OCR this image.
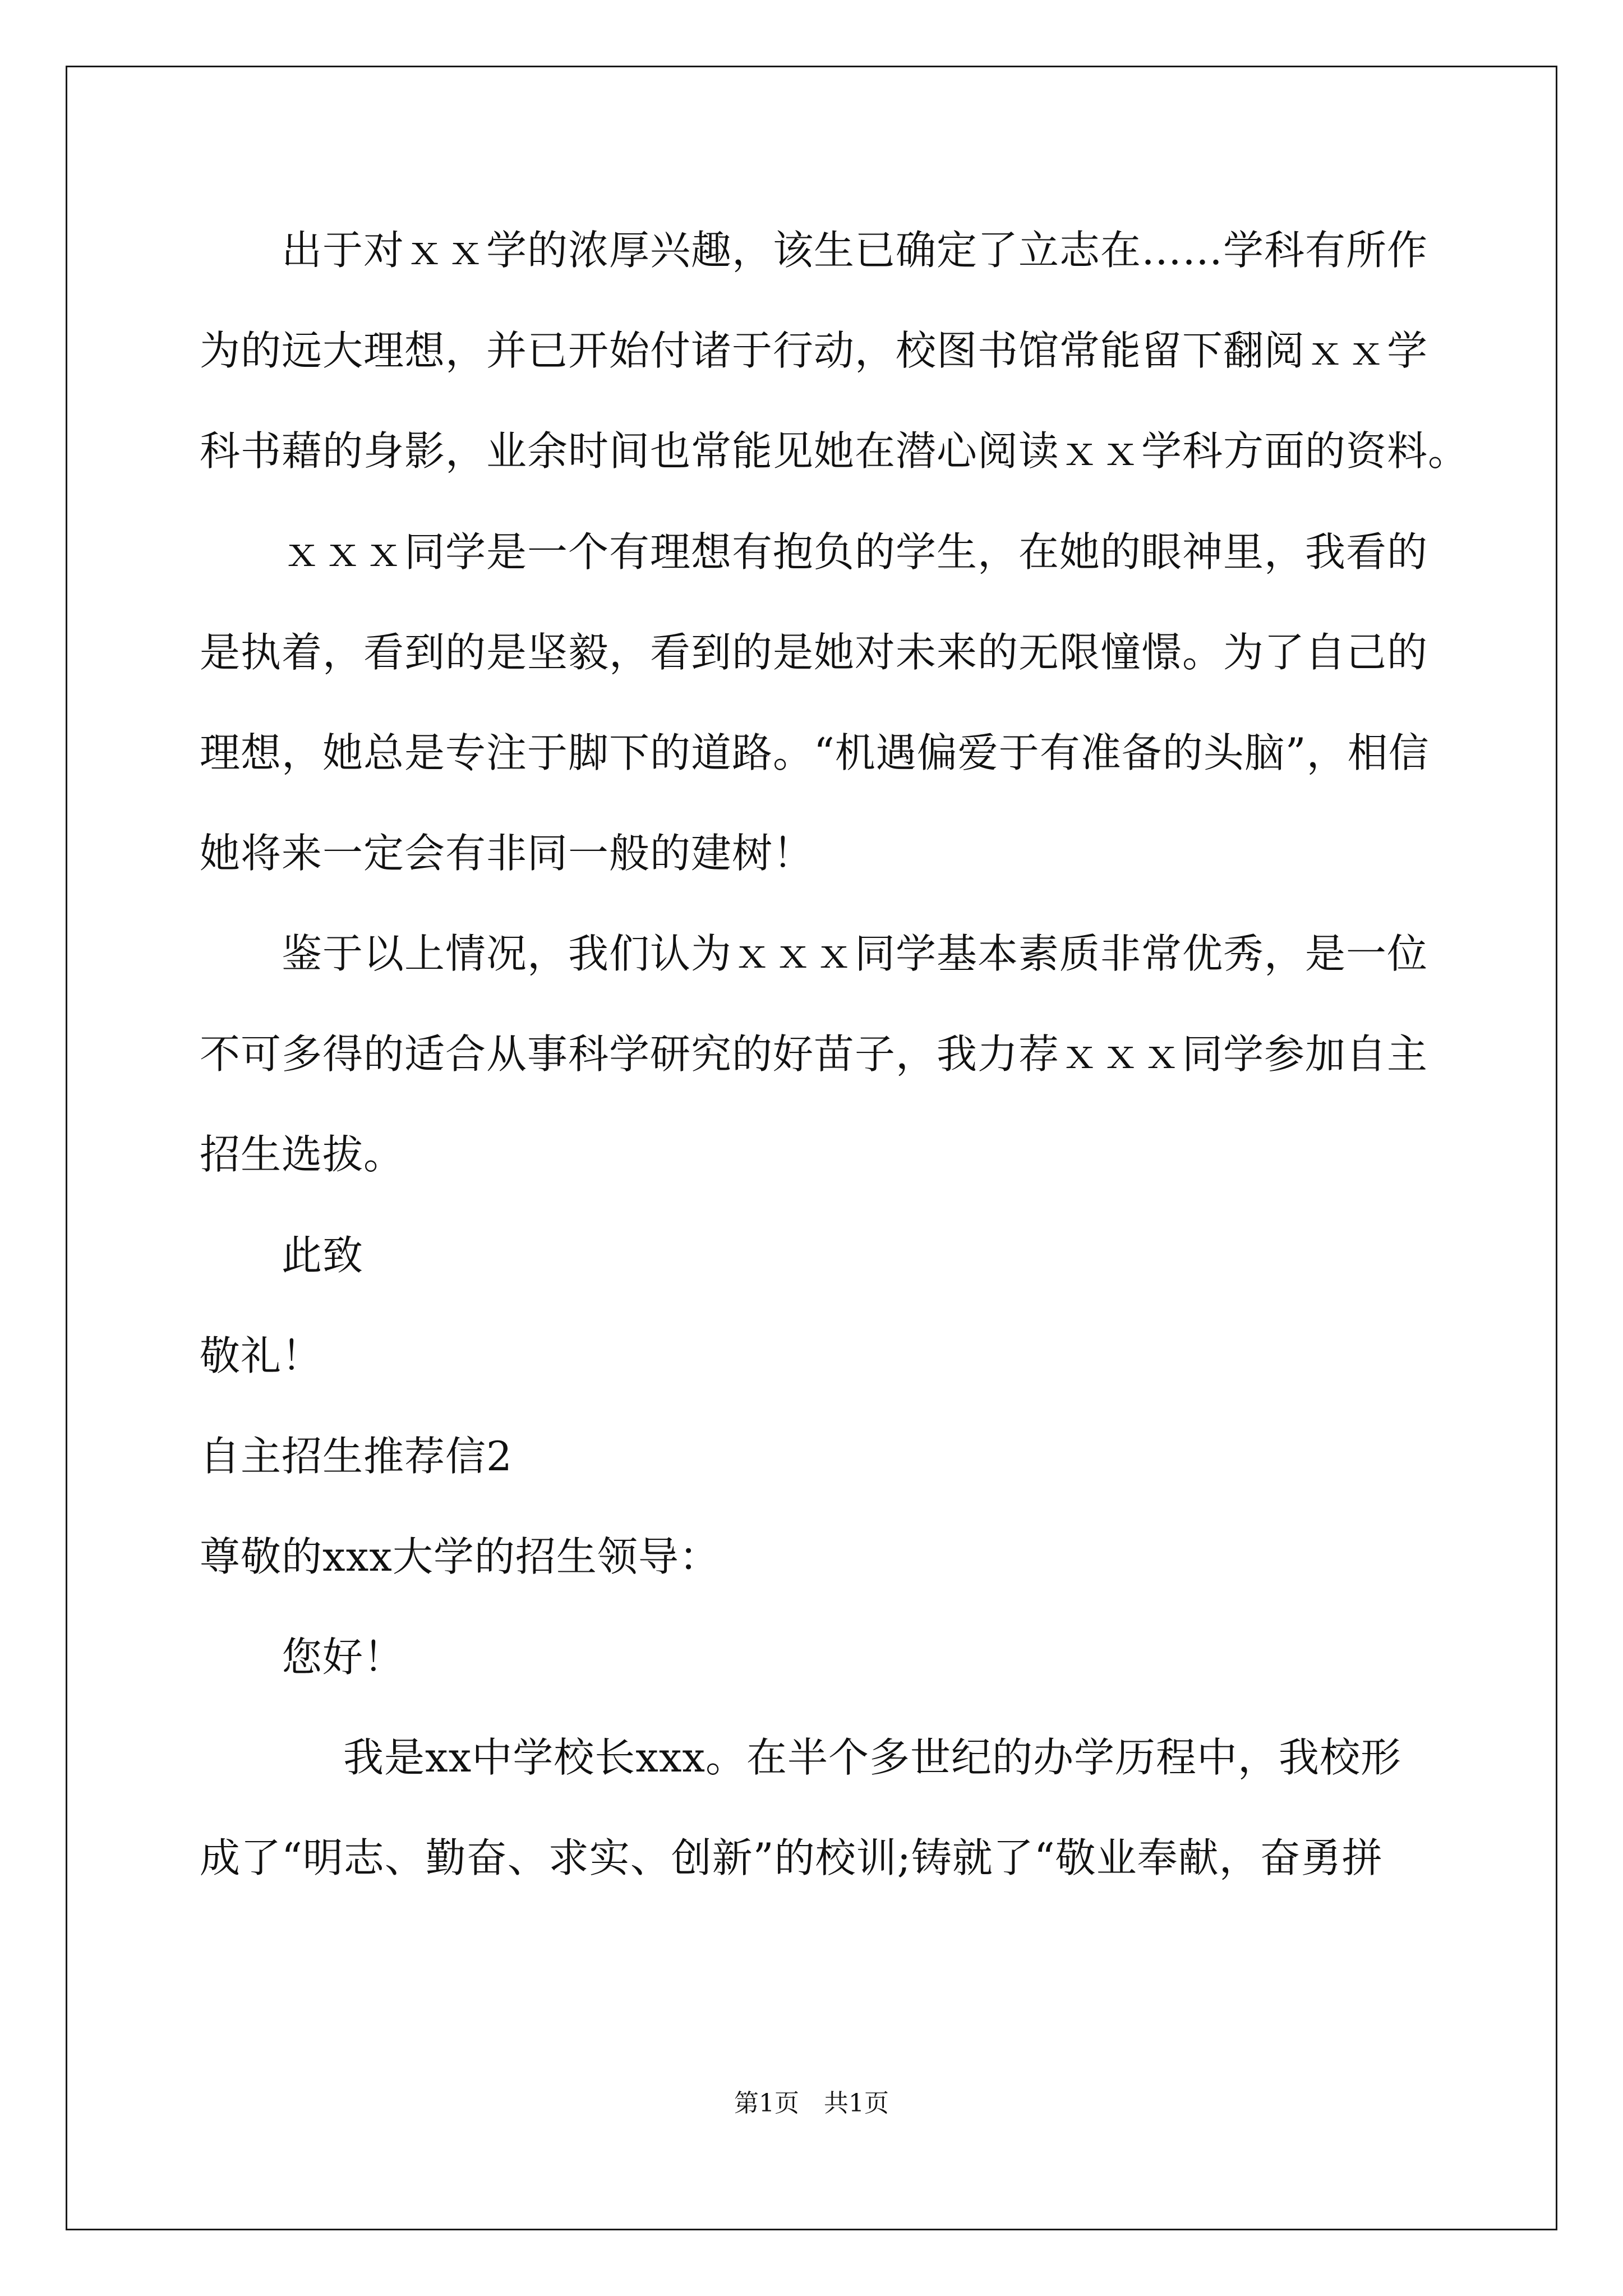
出于对ｘｘ学的浓厚兴趣，该生已确定了立志在……学科有所作
为的远大理想，并已开始付诸于行动，校图书馆常能留下翻阅ｘｘ学
科书藉的身影，业余时间也常能见她在潜心阅读ｘｘ学科方面的资料。
ｘｘｘ同学是一个有理想有抱负的学生，在她的眼神里，我看的
是执着，看到的是坚毅，看到的是她对未来的无限憧憬。为了自己的
理想，她总是专注于脚下的道路。“机遇偏爱于有准备的头脑”，相信
她将来一定会有非同一般的建树！
鉴于以上情况，我们认为ｘｘｘ同学基本素质非常优秀，是一位
不可多得的适合从事科学研究的好苗子，我力荐ｘｘｘ同学参加自主
招生选拔。
此致
敬礼！
自主招生推荐信2
尊敬的xxx大学的招生领导：
您好！
我是xx中学校长xxx。在半个多世纪的办学历程中，我校形
成了“明志、勤奋、求实、创新”的校训;铸就了“敬业奉献，奋勇拼
第1页　共1页
